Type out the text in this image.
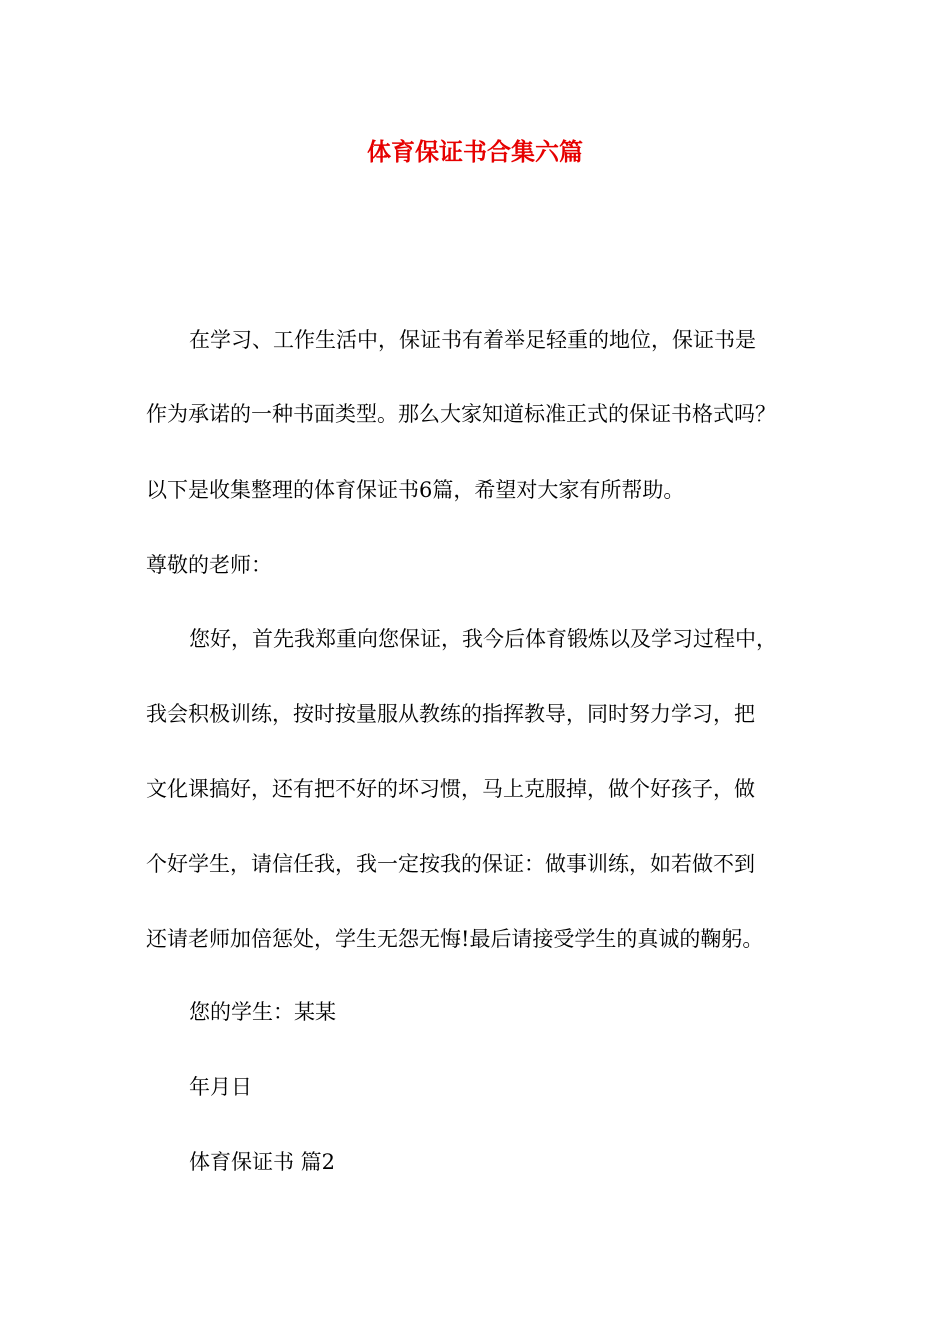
体育保证书合集六篇

在学习、工作生活中，保证书有着举足轻重的地位，保证书是

作为承诺的一种书面类型。那么大家知道标准正式的保证书格式吗？

以下是收集整理的体育保证书6篇，希望对大家有所帮助。

尊敬的老师：

您好，首先我郑重向您保证，我今后体育锻炼以及学习过程中，

我会积极训练，按时按量服从教练的指挥教导，同时努力学习，把

文化课搞好，还有把不好的坏习惯，马上克服掉，做个好孩子，做

个好学生，请信任我，我一定按我的保证：做事训练，如若做不到

还请老师加倍惩处，学生无怨无悔!最后请接受学生的真诚的鞠躬。

您的学生：某某

年月日

体育保证书 篇2
